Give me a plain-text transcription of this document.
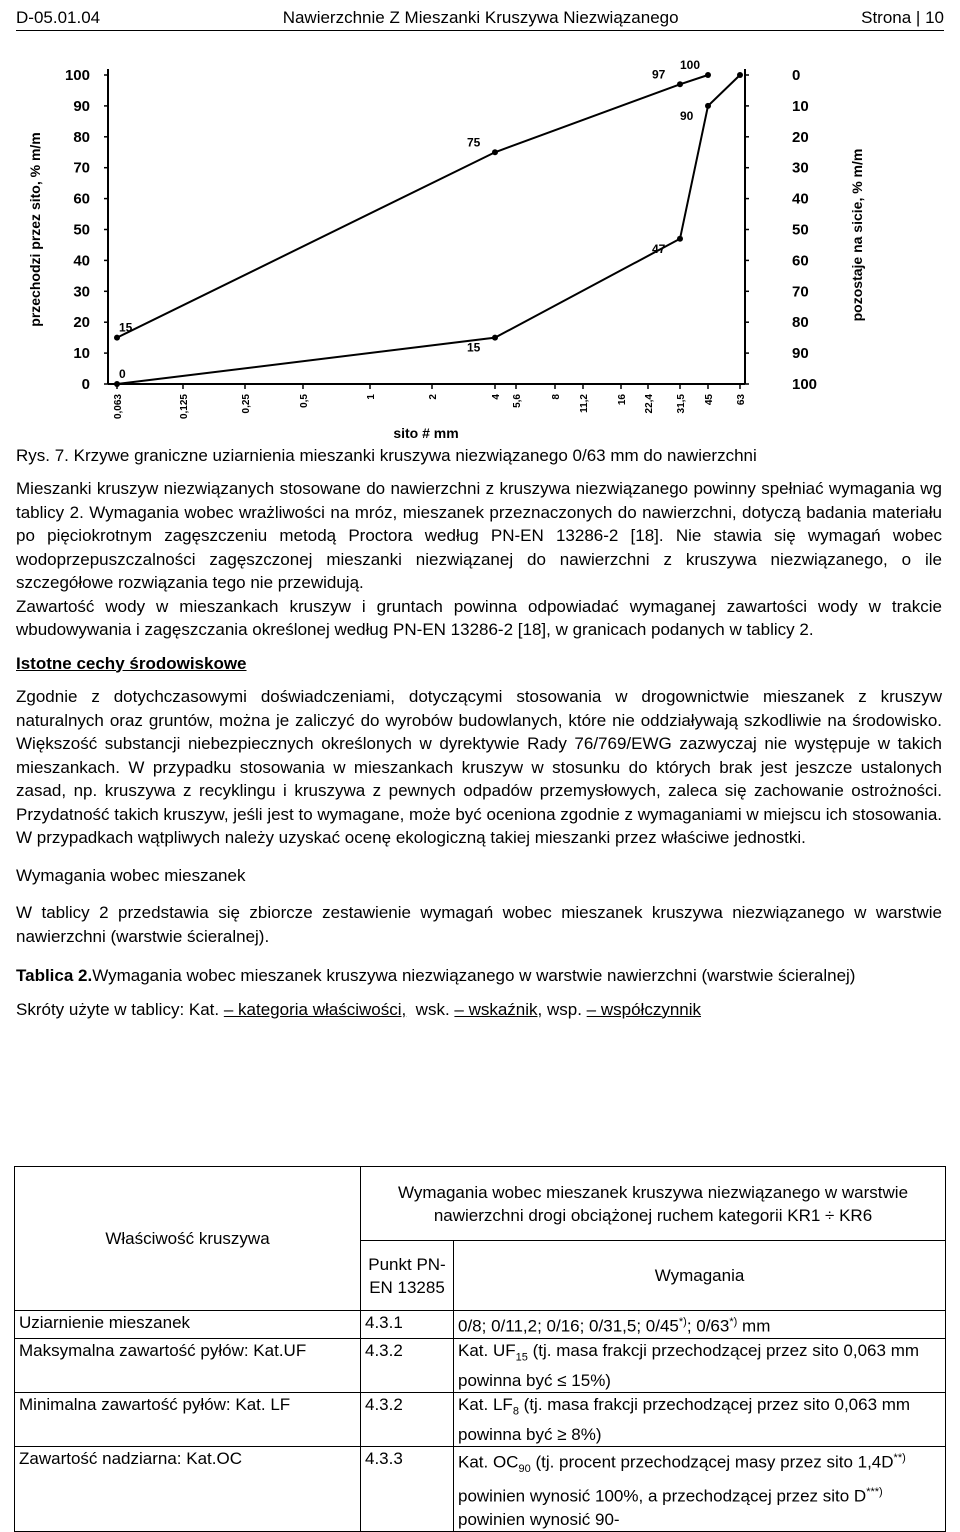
D-05.01.04	Nawierzchnie Z Mieszanki Kruszywa Niezwiązanego	Strona | 10
0
10
20
30
40
50
60
70
80
90
100
100
90
80
70
60
50
40
30
20
10
0
0,063	0,125	0,25	0,5	1	2	4 5,6	8 11,2	16 22,4 31,5 45 63
przechodzi przez sito, % m/m	pozostaje na sicie, % m/m
sito # mm
15
75
97
100
0
15
47
90
Rys. 7. Krzywe graniczne uziarnienia mieszanki kruszywa niezwiązanego 0/63 mm do nawierzchni

Mieszanki kruszyw niezwiązanych stosowane do nawierzchni z kruszywa niezwiązanego powinny spełniać wymagania wg tablicy 2. Wymagania wobec wrażliwości na mróz, mieszanek przeznaczonych do nawierzchni, dotyczą badania materiału po pięciokrotnym zagęszczeniu metodą Proctora według PN-EN 13286-2 [18]. Nie stawia się wymagań wobec wodoprzepuszczalności zagęszczonej mieszanki niezwiązanej do nawierzchni z kruszywa niezwiązanego, o ile szczegółowe rozwiązania tego nie przewidują.

Zawartość wody w mieszankach kruszyw i gruntach powinna odpowiadać wymaganej zawartości wody w trakcie wbudowywania i zagęszczania określonej według PN-EN 13286-2 [18], w granicach podanych w tablicy 2.

Istotne cechy środowiskowe

Zgodnie z dotychczasowymi doświadczeniami, dotyczącymi stosowania w drogownictwie mieszanek z kruszyw naturalnych oraz gruntów, można je zaliczyć do wyrobów budowlanych, które nie oddziaływają szkodliwie na środowisko. Większość substancji niebezpiecznych określonych w dyrektywie Rady 76/769/EWG zazwyczaj nie występuje w takich mieszankach. W przypadku stosowania w mieszankach kruszyw w stosunku do których brak jest jeszcze ustalonych zasad, np. kruszywa z recyklingu i kruszywa z pewnych odpadów przemysłowych, zaleca się zachowanie ostrożności. Przydatność takich kruszyw, jeśli jest to wymagane, może być oceniona zgodnie z wymaganiami w miejscu ich stosowania. W przypadkach wątpliwych należy uzyskać ocenę ekologiczną takiej mieszanki przez właściwe jednostki.

Wymagania wobec mieszanek

W tablicy 2 przedstawia się zbiorcze zestawienie wymagań wobec mieszanek kruszywa niezwiązanego w warstwie nawierzchni (warstwie ścieralnej).

Tablica 2.Wymagania wobec mieszanek kruszywa niezwiązanego w warstwie nawierzchni (warstwie ścieralnej)

Skróty użyte w tablicy: Kat. – kategoria właściwości,  wsk. – wskaźnik, wsp. – współczynnik

Właściwość kruszywa	Wymagania wobec mieszanek kruszywa niezwiązanego w warstwie nawierzchni drogi obciążonej ruchem kategorii KR1 ÷ KR6	
	Punkt PN-EN 13285	Wymagania
Uziarnienie mieszanek	4.3.1	0/8; 0/11,2; 0/16; 0/31,5; 0/45*); 0/63*) mm
Maksymalna zawartość pyłów: Kat.UF	4.3.2	Kat. $UF_{15}$ (tj. masa frakcji przechodzącej przez sito 0,063 mm powinna być ≤ 15%)
Minimalna zawartość pyłów: Kat. LF	4.3.2	Kat. $LF_8$ (tj. masa frakcji przechodzącej przez sito 0,063 mm powinna być ≥ 8%)
Zawartość nadziarna: Kat.OC	4.3.3	Kat. $OC_{90}$ (tj. procent przechodzącej masy przez sito 1,4D**) powinien wynosić 100%, a przechodzącej przez sito D***) powinien wynosić 90-
